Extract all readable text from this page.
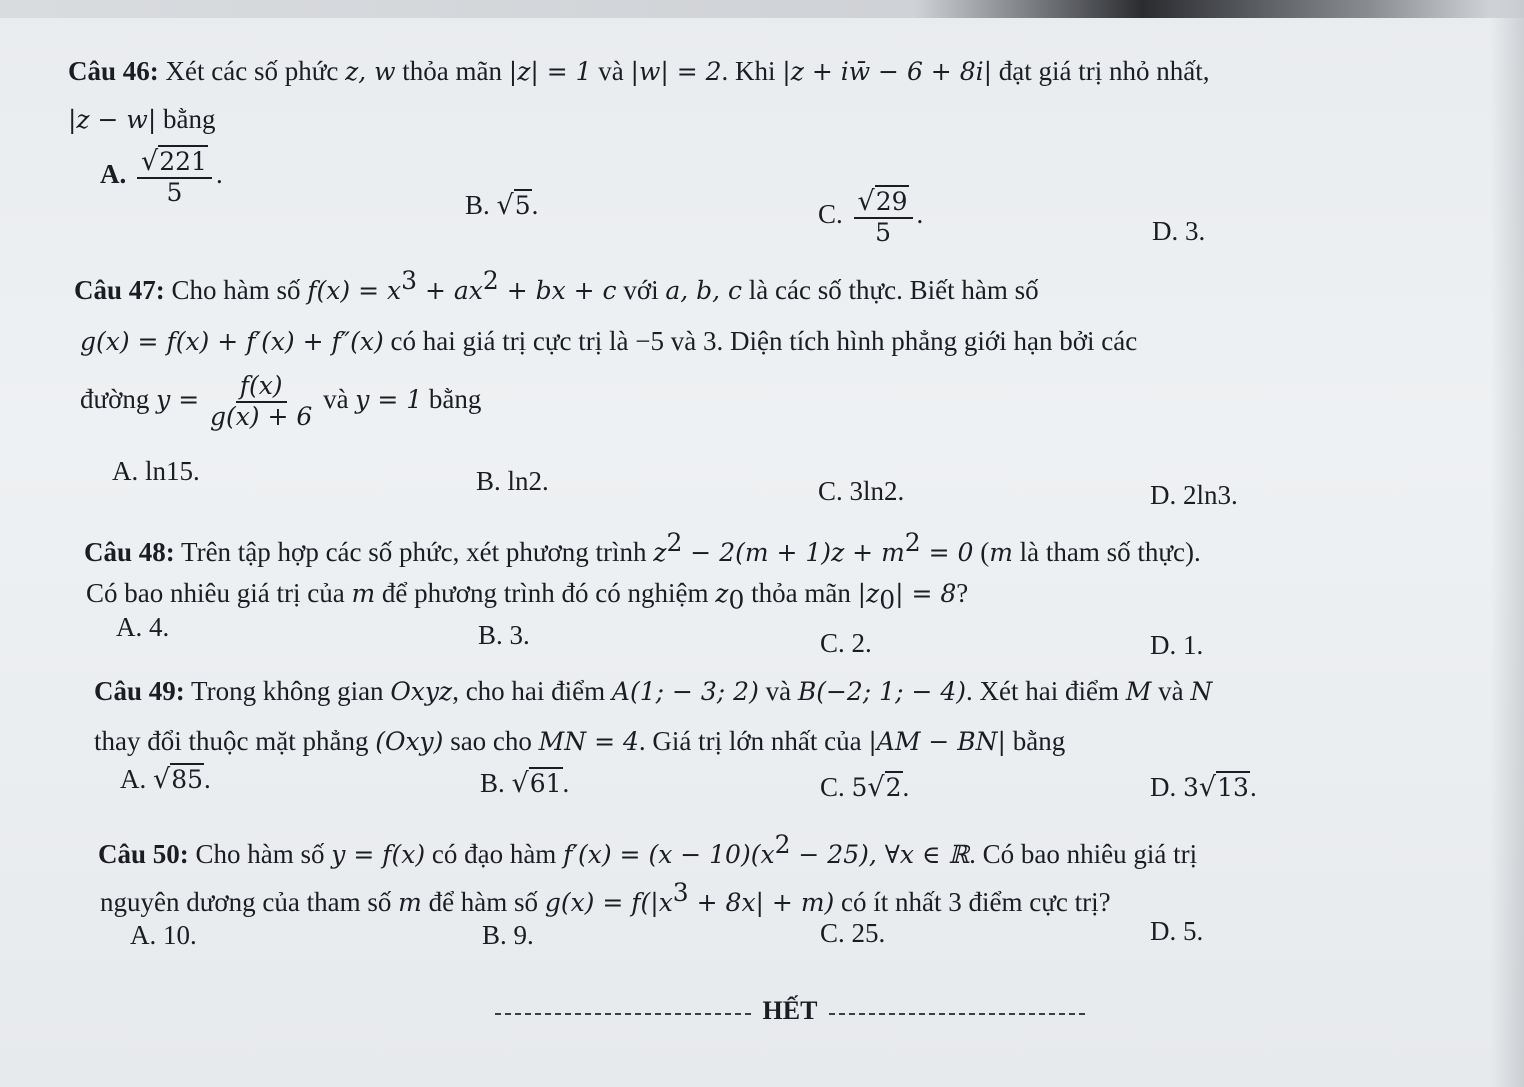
Câu 46: Xét các số phức z, w thỏa mãn |z| = 1 và |w| = 2. Khi |z + iw̄ − 6 + 8i| đạt giá trị nhỏ nhất,
|z − w| bằng
A. $\frac{√221}{5}$ .
B. √5.	C. $\frac{√29}{5}$ .
D. 3.
Câu 47: Cho hàm số $f(x) = x^3 + ax^2$ + bx + c với a, b, c là các số thực. Biết hàm số
g(x) = f(x) + f′(x) + f″(x) có hai giá trị cực trị là −5 và 3. Diện tích hình phẳng giới hạn bởi các
đường $y = \frac{f(x)}{g(x) + 6}$ và y = 1 bằng
A. ln15.	B. ln2.	C. 3ln2.	D. 2ln3.
Câu 48: Trên tập hợp các số phức, xét phương trình $z^2 - 2(m + 1)z + m^2 = 0$ (m là tham số thực).
Có bao nhiêu giá trị của m để phương trình đó có nghiệm $z_0$ thỏa mãn $|z_0| = 8$?
A. 4.	B. 3.	C. 2.	D. 1.
Câu 49: Trong không gian Oxyz, cho hai điểm A(1; − 3; 2) và B(−2; 1; − 4). Xét hai điểm M và N
thay đổi thuộc mặt phẳng (Oxy) sao cho MN = 4. Giá trị lớn nhất của |AM − BN| bằng
A. √85.	B. √61.	C. 5√2.	D. 3√13.
Câu 50: Cho hàm số y = f(x) có đạo hàm $f'(x) = (x - 10)(x^2 - 25)$, ∀x ∈ ℝ. Có bao nhiêu giá trị
nguyên dương của tham số m để hàm số $g(x) = f(|x^3 + 8x| + m)$ có ít nhất 3 điểm cực trị?
A. 10.	B. 9.	C. 25.	D. 5.
HẾT
